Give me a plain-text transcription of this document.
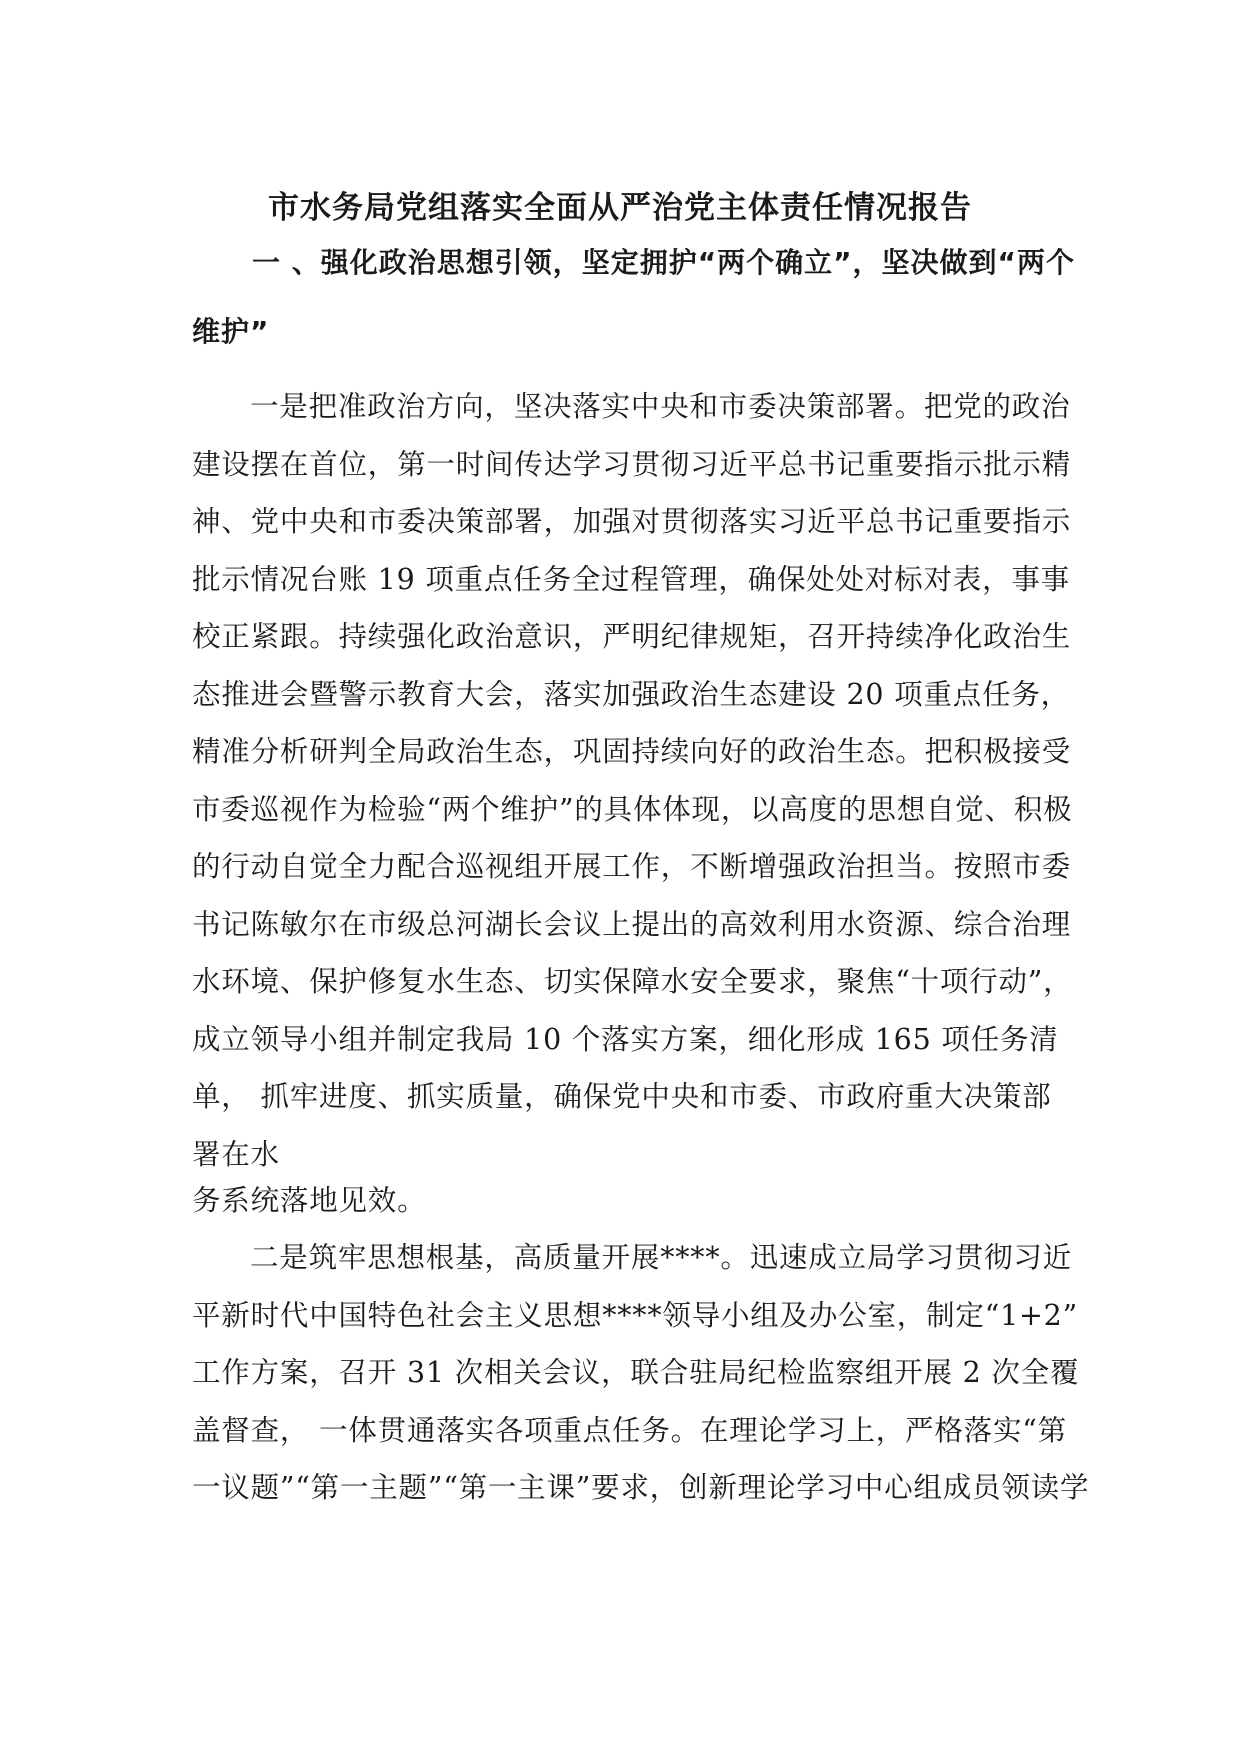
市水务局党组落实全面从严治党主体责任情况报告
一 、强化政治思想引领，坚定拥护“两个确立”，坚决做到“两个
维护”
一是把准政治方向，坚决落实中央和市委决策部署。把党的政治
建设摆在首位，第一时间传达学习贯彻习近平总书记重要指示批示精
神、党中央和市委决策部署，加强对贯彻落实习近平总书记重要指示
批示情况台账 19 项重点任务全过程管理，确保处处对标对表，事事
校正紧跟。持续强化政治意识，严明纪律规矩，召开持续净化政治生
态推进会暨警示教育大会，落实加强政治生态建设 20 项重点任务，
精准分析研判全局政治生态，巩固持续向好的政治生态。把积极接受
市委巡视作为检验“两个维护”的具体体现，以高度的思想自觉、积极
的行动自觉全力配合巡视组开展工作，不断增强政治担当。按照市委
书记陈敏尔在市级总河湖长会议上提出的高效利用水资源、综合治理
水环境、保护修复水生态、切实保障水安全要求，聚焦“十项行动”，
成立领导小组并制定我局 10 个落实方案，细化形成 165 项任务清
单， 抓牢进度、抓实质量，确保党中央和市委、市政府重大决策部
署在水
务系统落地见效。
二是筑牢思想根基，高质量开展****。迅速成立局学习贯彻习近
平新时代中国特色社会主义思想****领导小组及办公室，制定“1+2”
工作方案，召开 31 次相关会议，联合驻局纪检监察组开展 2 次全覆
盖督查， 一体贯通落实各项重点任务。在理论学习上，严格落实“第
一议题”“第一主题”“第一主课”要求，创新理论学习中心组成员领读学
